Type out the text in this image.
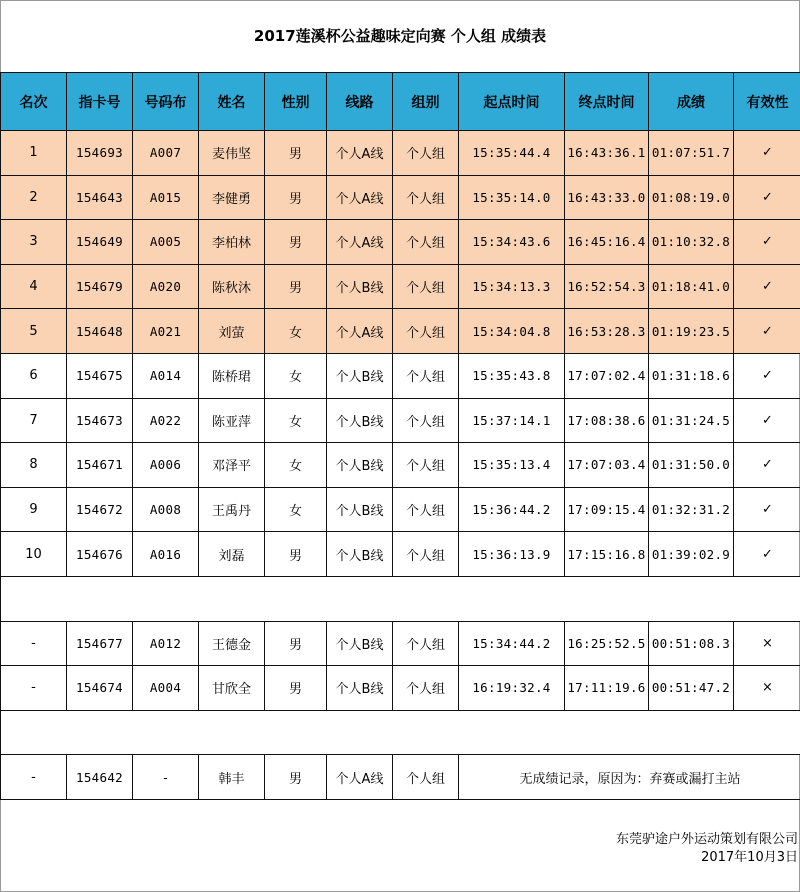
2017莲溪杯公益趣味定向赛 个人组 成绩表
名次	指卡号	号码布	姓名	性别	线路	组别	起点时间	终点时间	成绩	有效性
1	154693	A007	麦伟坚	男	个人A线	个人组	15:35:44.4	16:43:36.1	01:07:51.7	✓
2	154643	A015	李健勇	男	个人A线	个人组	15:35:14.0	16:43:33.0	01:08:19.0	✓
3	154649	A005	李柏林	男	个人A线	个人组	15:34:43.6	16:45:16.4	01:10:32.8	✓
4	154679	A020	陈秋沐	男	个人B线	个人组	15:34:13.3	16:52:54.3	01:18:41.0	✓
5	154648	A021	刘萤	女	个人A线	个人组	15:34:04.8	16:53:28.3	01:19:23.5	✓
6	154675	A014	陈桥珺	女	个人B线	个人组	15:35:43.8	17:07:02.4	01:31:18.6	✓
7	154673	A022	陈亚萍	女	个人B线	个人组	15:37:14.1	17:08:38.6	01:31:24.5	✓
8	154671	A006	邓泽平	女	个人B线	个人组	15:35:13.4	17:07:03.4	01:31:50.0	✓
9	154672	A008	王禹丹	女	个人B线	个人组	15:36:44.2	17:09:15.4	01:32:31.2	✓
10	154676	A016	刘磊	男	个人B线	个人组	15:36:13.9	17:15:16.8	01:39:02.9	✓

-	154677	A012	王德金	男	个人B线	个人组	15:34:44.2	16:25:52.5	00:51:08.3	×
-	154674	A004	甘欣全	男	个人B线	个人组	16:19:32.4	17:11:19.6	00:51:47.2	×

-	154642	-	韩丰	男	个人A线	个人组	无成绩记录，原因为：弃赛或漏打主站			
东莞驴途户外运动策划有限公司
2017年10月3日
